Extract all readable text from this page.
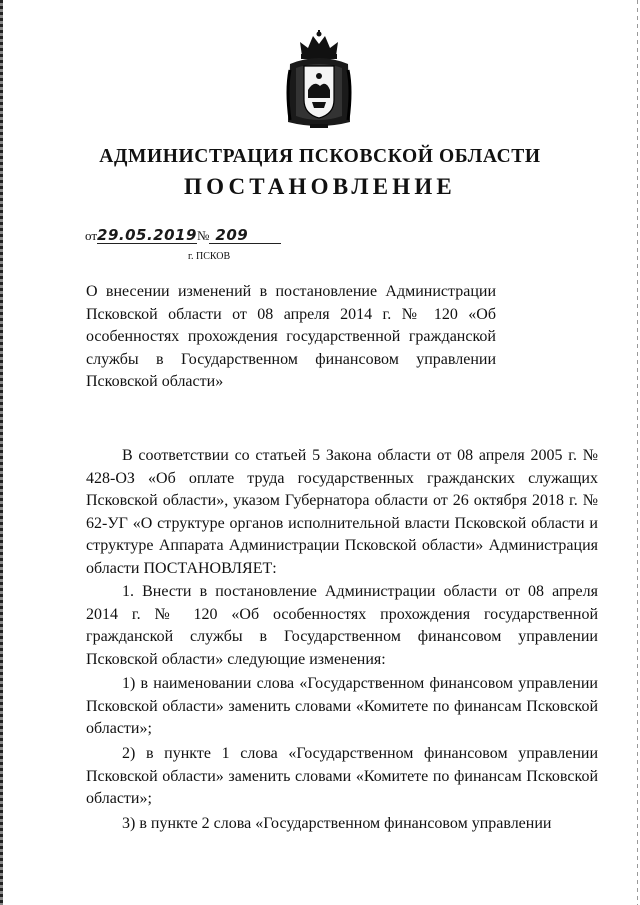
АДМИНИСТРАЦИЯ ПСКОВСКОЙ ОБЛАСТИ
ПОСТАНОВЛЕНИЕ
от29.05.2019№ 209
г. ПСКОВ

О внесении изменений в постановление Администрации Псковской области от 08 апреля 2014 г. № 120 «Об особенностях прохождения государственной гражданской службы в Государственном финансовом управлении Псковской области»

В соответствии со статьей 5 Закона области от 08 апреля 2005 г. № 428-ОЗ «Об оплате труда государственных гражданских служащих Псковской области», указом Губернатора области от 26 октября 2018 г. № 62-УГ «О структуре органов исполнительной власти Псковской области и структуре Аппарата Администрации Псковской области» Администрация области ПОСТАНОВЛЯЕТ:

1. Внести в постановление Администрации области от 08 апреля 2014 г. № 120 «Об особенностях прохождения государственной гражданской службы в Государственном финансовом управлении Псковской области» следующие изменения:

1) в наименовании слова «Государственном финансовом управлении Псковской области» заменить словами «Комитете по финансам Псковской области»;

2) в пункте 1 слова «Государственном финансовом управлении Псковской области» заменить словами «Комитете по финансам Псковской области»;

3) в пункте 2 слова «Государственном финансовом управлении
